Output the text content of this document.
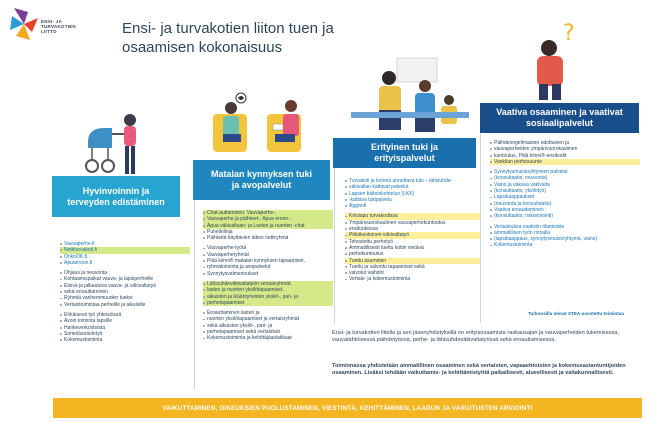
ENSI- JA
TURVAKOTIEN
LIITTO	Ensi- ja turvakotien liiton tuen ja osaamisen kokonaisuus
?
Hyvinvoinnin ja terveyden edistäminen
Matalan kynnyksen tuki ja avopalvelut
Erityinen tuki ja erityispalvelut
Vaativa osaaminen ja vaativat sosiaalipalvelut
Vauvaperhe.fi
Nettiturvakoti.fi
OnkoOK.fi
Apuaeroon.fi
Ohjaus ja neuvonta
Kohtaamispaikat vauva- ja lapsiperheille
Etsivä ja jalkautuva vauva- ja väkivaltatyö
sekä eroauttaminen
Ryhmiä vanhemmuuden tueksi
Vertaistoimintaa perheille ja aikuisille
Ehkäisevä työ yhteisöissä
Avoin toiminta lapsille
Hankeverkostoista
Someläsnäolotyö
Kokemustoiminta
Chat-auttaminen: Vauvaperhe-,
Vauvaperhe ja päihteet-, Apua eroon-,
Apua väkivaltaan- ja Lasten ja nuorten -chat
Puhelinlinja
Päihteitä käyttävien äitien nettiryhmä
Vauvaperhe-työtä
Vauvaperheryhmät
Pidä kiinni® matalan kynnyksen tapaamiset,
ryhmätoiminta ja avopalvelut
Synnytysvalmennukset
Lähisuhdeväkivaltatyön vertaisryhmät,
lasten ja nuorten yksilötapaamiset,
aikuisten ja ikääntyneiden yksilö-, pari- ja
perhetapaamiset
Eroauttaminen lasten ja
nuorten yksilötapaamiset ja vertaisryhmät
sekä aikuisten yksilö-, pari- ja
perhetapaamiset sekä vertaistuki
Kokemustoiminta ja kehittäjäasiakkaat
Turvakoti ja kotona annettava tuki – lähisuhde-
väkivallan kattavat palvelut
Lapsen kaltoinkohtelun (LKK)
-kattava tukipalvelu
Aggredi
Kriisiapu turvakodissa
Ympärivuorokautinen vauvaperhekuntoutus
ensikodeissa
Pitkäkestoinen väkivaltatyö
Tehostettu perhetyö
Ammatillisesti tuettu kotiin vietävä
perhekuntoutus
Tuettu asuminen
Tuettu ja valvottu tapaamiset sekä
valvotut vaihdot
Vertais- ja kokemustoiminta
Päihdeongelmaisten odottavien ja
vauvaperheiden ympärivuorokautinen
kuntoutus, Pidä kiinni®-ensikodit
Vankilan perhesuunto
Synnytysmuistoyhtymien palvelut
(konsultaatio, neuvonta)
Vaino ja vakava väkivalta
(konsultaatio, yksilötyö)
Lapsikaappaukset
(neuvonta ja konsultaatio)
Vaativa eroauttaminen
(konsultaatio, riskiarviointi)
Vertaistukea vaativiin tilanteisiin
ammatillisen työn rinnalla
(lapsikaappaus, synnytysmuistoyhtymä, vaino)
Kokemustoiminta
Turkoosilla olevat STEA-avustettu toimintaa
Ensi- ja turvakotien liitolla ja sen jäsenyhdistyksillä on erityisosaamista raskausajan ja vauvaperheiden tukemisessa, vauvatähtöisessä päihdetyössä, perhe- ja lähisuhdeväkivaltatyössä sekä eroauttamisessa.
Toiminnassa yhdistetään ammatillinen osaaminen sekä vertaisten, vapaaehtoisten ja kokemusasiantuntijoiden osaaminen. Lisäksi tehdään vaikuttamis- ja kehittämistyötä paikallisesti, alueellisesti ja valtakunnallisesti.
VAIKUTTAMINEN, OIKEUKSIEN PUOLUSTAMINEN, VIESTINTÄ, KEHITTÄMINEN, LAADUN JA VAIKUTUSTEN ARVIOINTI
